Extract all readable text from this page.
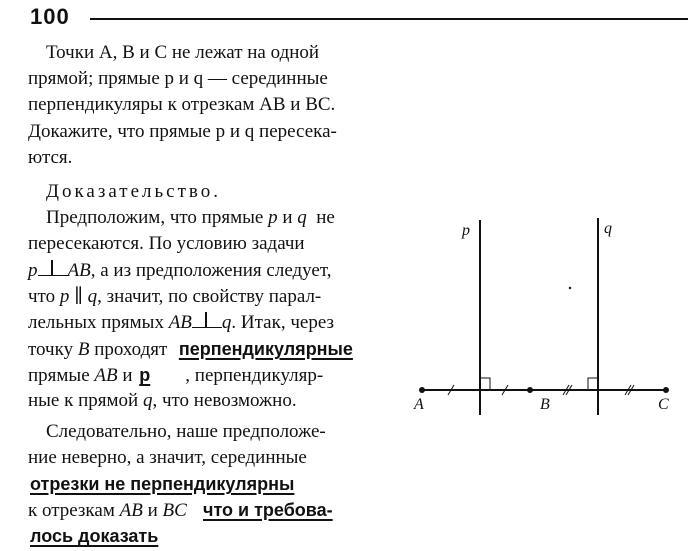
100
Точки A, B и C не лежат на одной
прямой; прямые p и q — серединные
перпендикуляры к отрезкам AB и BC.
Докажите, что прямые p и q пересека-
ются.
Доказательство.
Предположим, что прямые p и q не
пересекаются. По условию задачи
p AB, а из предположения следует,
что p ∥ q, значит, по свойству парал-
лельных прямых AB q. Итак, через
точку B проходят перпендикулярные
прямые AB и p , перпендикуляр-
ные к прямой q, что невозможно.
Следовательно, наше предположе-
ние неверно, а значит, серединные
отрезки не перпендикулярны
к отрезкам AB и BC что и требова-
лось доказать
p	q
A	B	C
